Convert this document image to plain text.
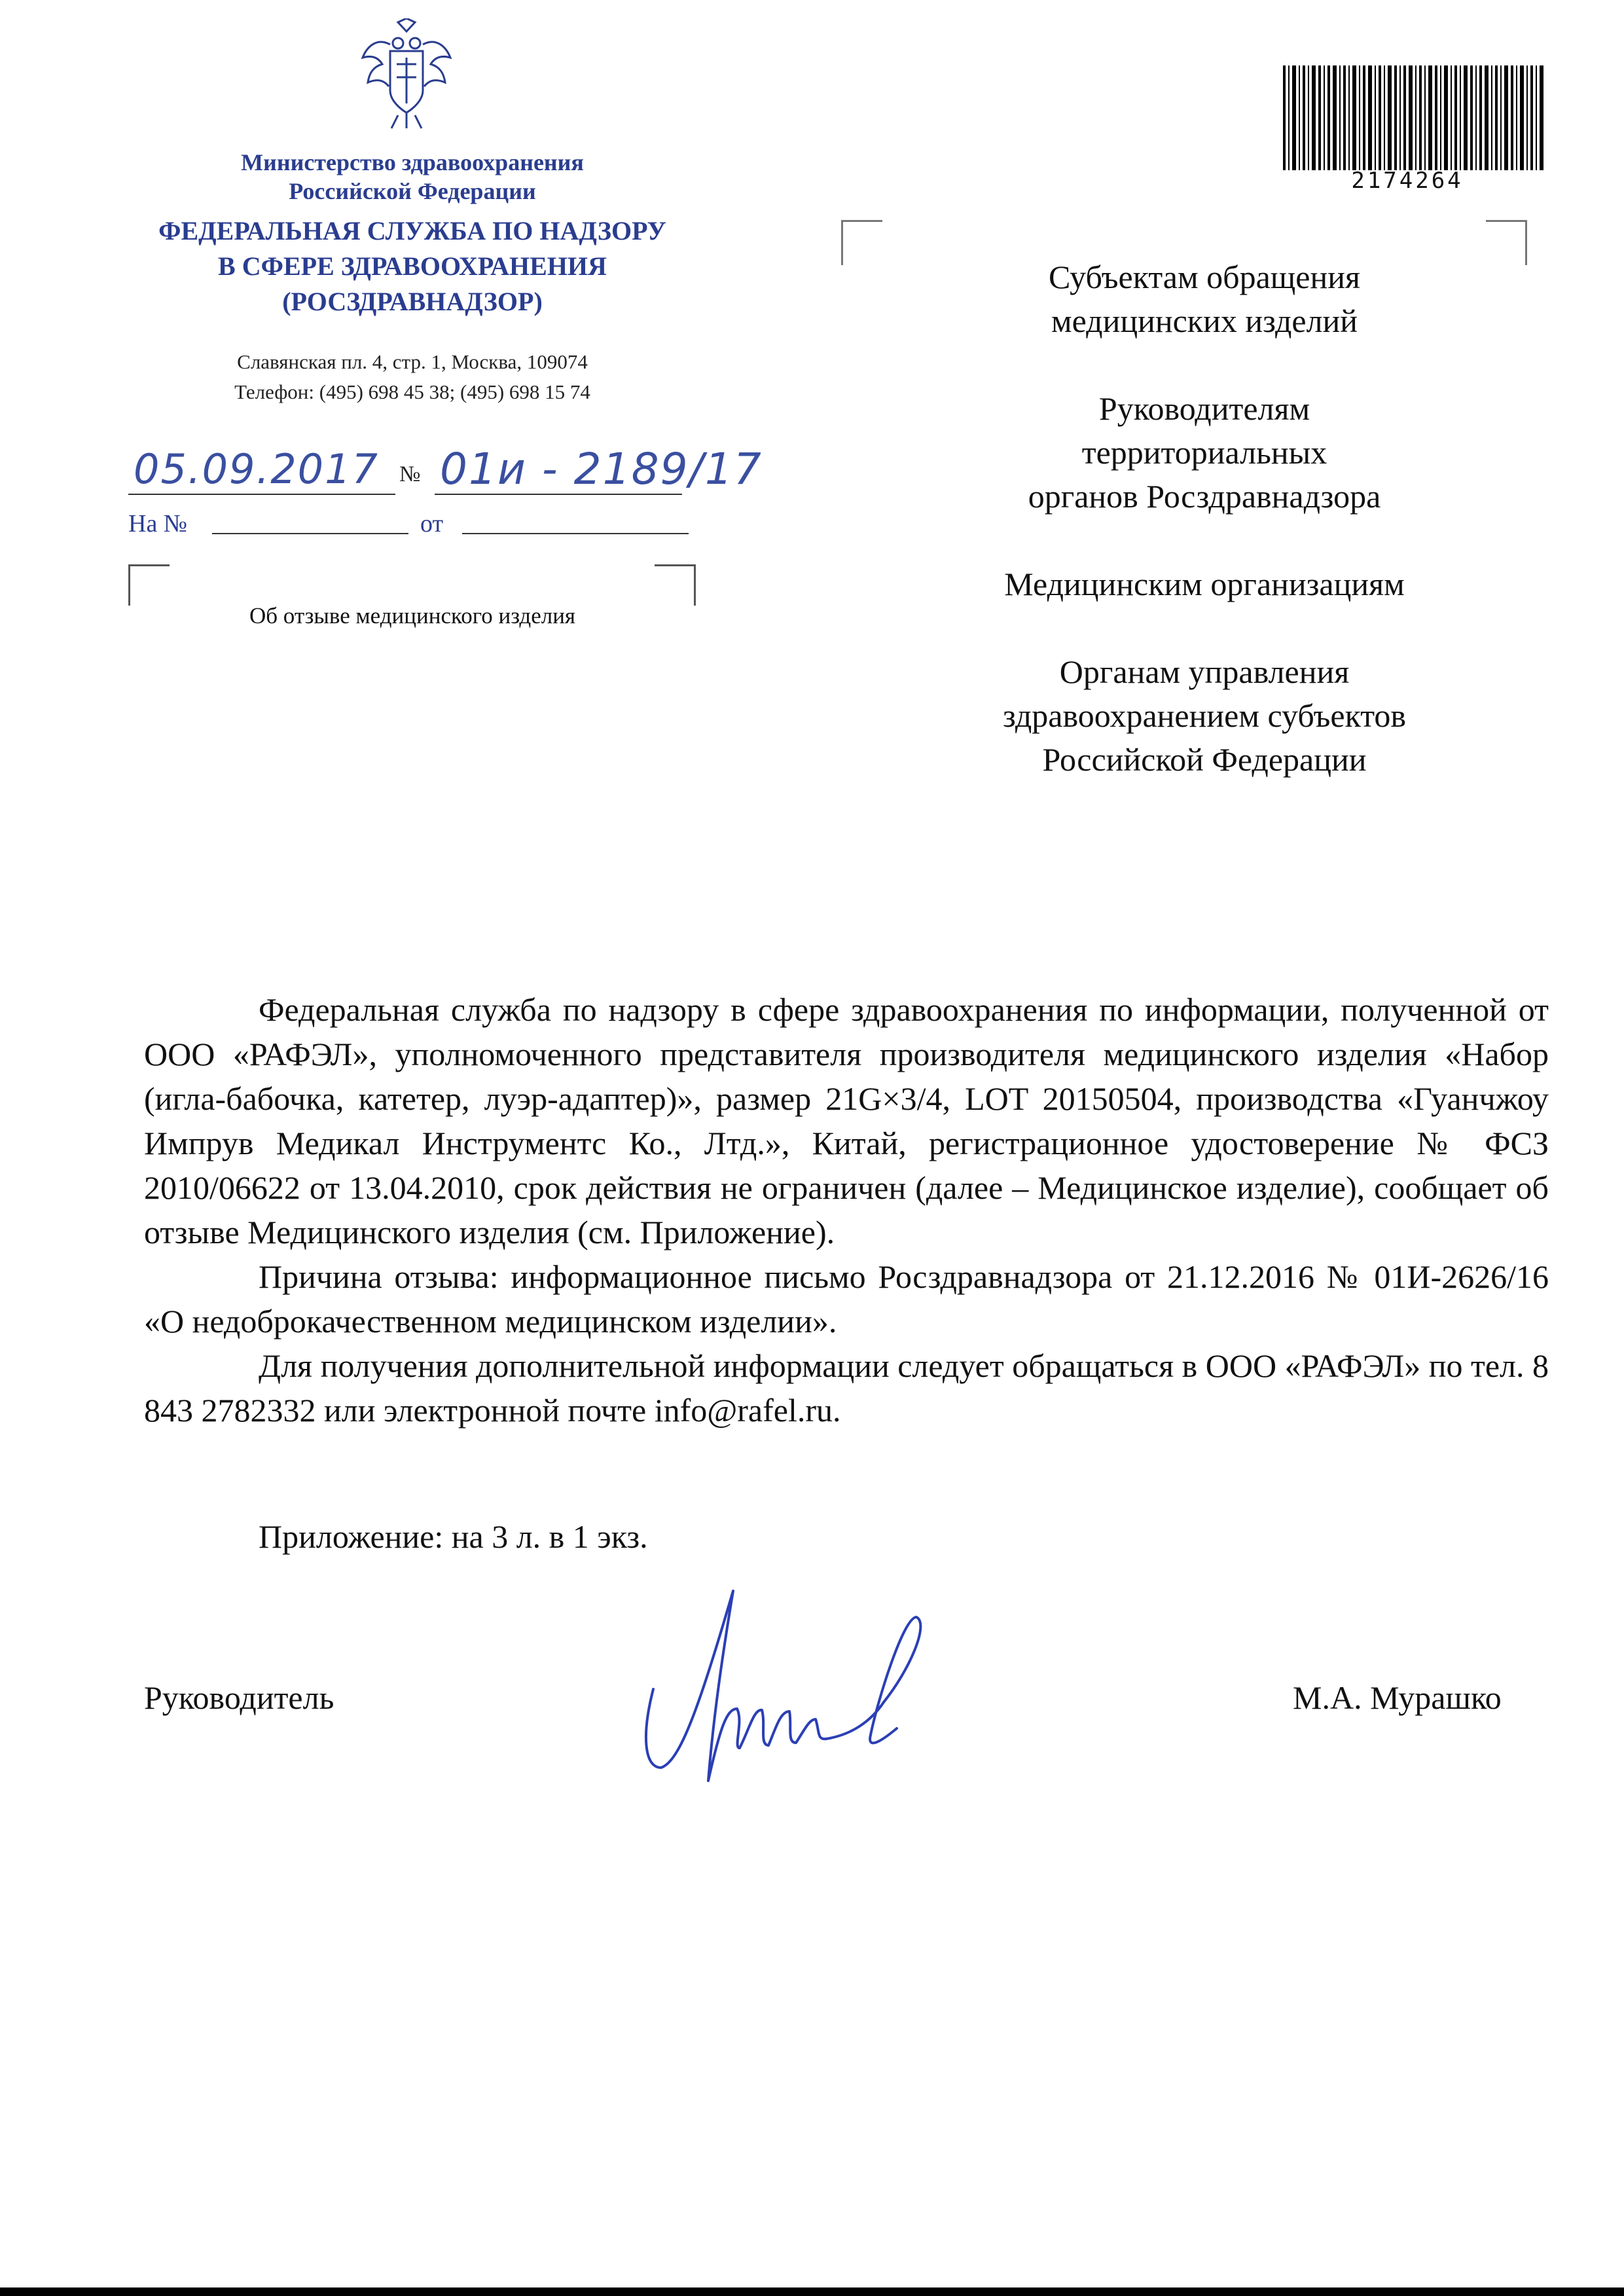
Министерство здравоохранения
Российской Федерации
ФЕДЕРАЛЬНАЯ СЛУЖБА ПО НАДЗОРУ
В СФЕРЕ ЗДРАВООХРАНЕНИЯ
(РОСЗДРАВНАДЗОР)
Славянская пл. 4, стр. 1, Москва, 109074
Телефон: (495) 698 45 38; (495) 698 15 74
05.09.2017 № 01и - 2189/17
На №	от
Об отзыве медицинского изделия
2174264
Субъектам обращения
медицинских изделий
Руководителям
территориальных
органов Росздравнадзора
Медицинским организациям
Органам управления
здравоохранением субъектов
Российской Федерации

Федеральная служба по надзору в сфере здравоохранения по информации, полученной от ООО «РАФЭЛ», уполномоченного представителя производителя медицинского изделия «Набор (игла-бабочка, катетер, луэр-адаптер)», размер 21G×3/4, LOT 20150504, производства «Гуанчжоу Импрув Медикал Инструментс Ко., Лтд.», Китай, регистрационное удостоверение № ФСЗ 2010/06622 от 13.04.2010, срок действия не ограничен (далее – Медицинское изделие), сообщает об отзыве Медицинского изделия (см. Приложение).

Причина отзыва: информационное письмо Росздравнадзора от 21.12.2016 № 01И-2626/16 «О недоброкачественном медицинском изделии».

Для получения дополнительной информации следует обращаться в ООО «РАФЭЛ» по тел. 8 843 2782332 или электронной почте info@rafel.ru.

Приложение: на 3 л. в 1 экз.
Руководитель	М.А. Мурашко
